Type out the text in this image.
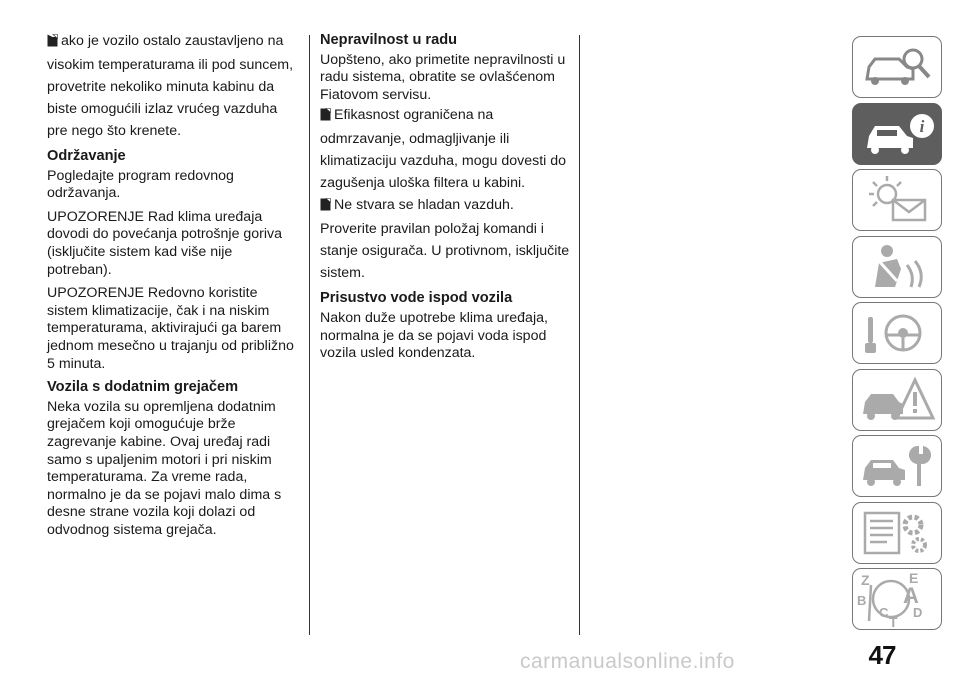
ako je vozilo ostalo zaustavljeno na visokim temperaturama ili pod suncem, provetrite nekoliko minuta kabinu da biste omogućili izlaz vrućeg vazduha pre nego što krenete.

Održavanje

Pogledajte program redovnog održavanja.

UPOZORENJE Rad klima uređaja dovodi do povećanja potrošnje goriva (isključite sistem kad više nije potreban).

UPOZORENJE Redovno koristite sistem klimatizacije, čak i na niskim temperaturama, aktivirajući ga barem jednom mesečno u trajanju od približno 5 minuta.

Vozila s dodatnim grejačem

Neka vozila su opremljena dodatnim grejačem koji omogućuje brže zagrevanje kabine. Ovaj uređaj radi samo s upaljenim motori i pri niskim temperaturama. Za vreme rada, normalno je da se pojavi malo dima s desne strane vozila koji dolazi od odvodnog sistema grejača.

Nepravilnost u radu

Uopšteno, ako primetite nepravilnosti u radu sistema, obratite se ovlašćenom Fiatovom servisu.

Efikasnost ograničena na odmrzavanje, odmagljivanje ili klimatizaciju vazduha, mogu dovesti do zagušenja uloška filtera u kabini.

Ne stvara se hladan vazduh.

Proverite pravilan položaj komandi i stanje osigurača. U protivnom, isključite sistem.

Prisustvo vode ispod vozila

Nakon duže upotrebe klima uređaja, normalna je da se pojavi voda ispod vozila usled kondenzata.

i
Z	E
B A
C D
T
47
carmanualsonline.info
